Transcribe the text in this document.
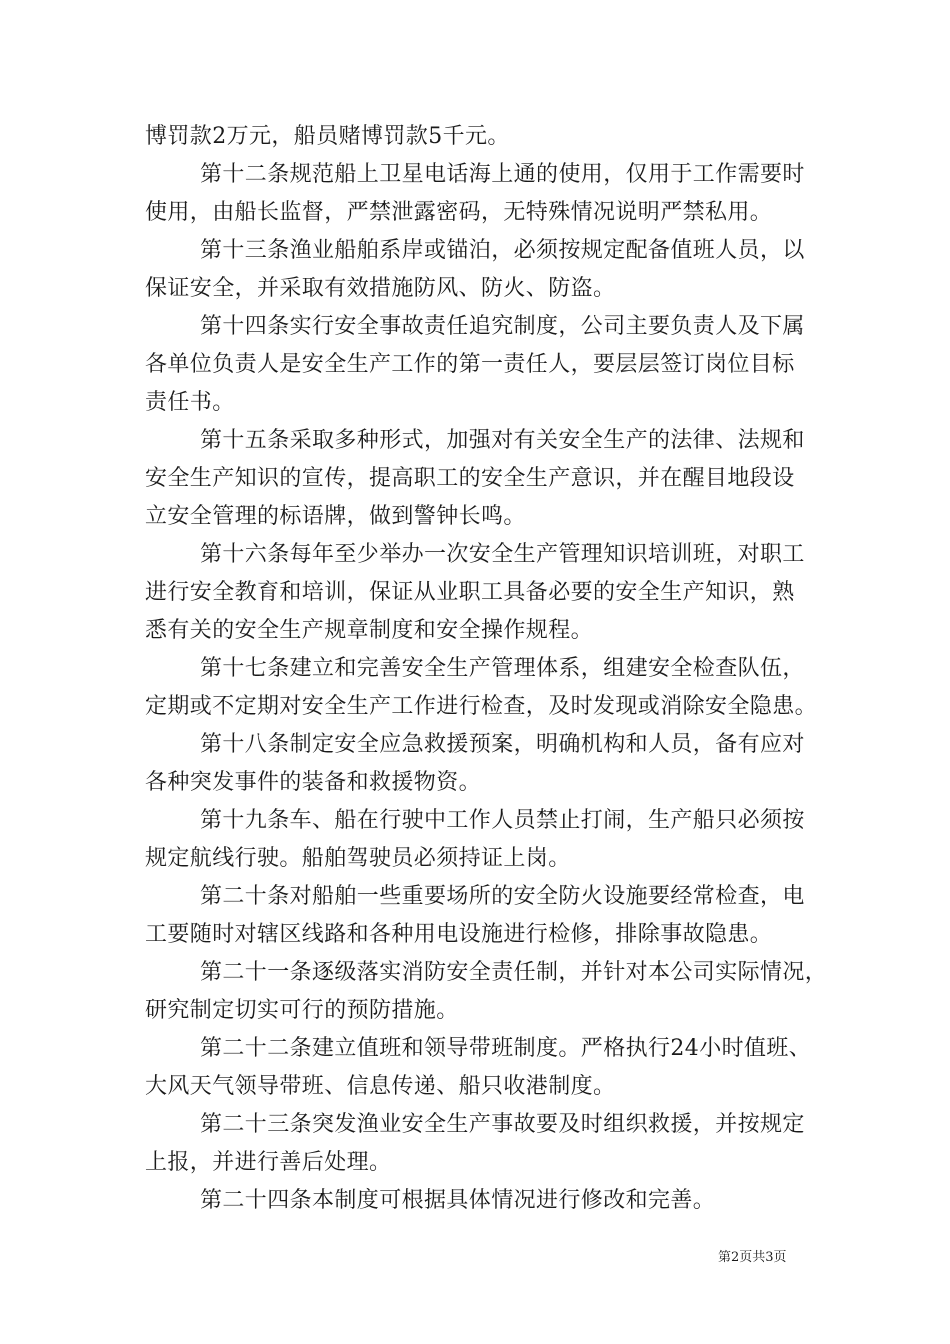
博罚款2万元，船员赌博罚款5千元。
第十二条规范船上卫星电话海上通的使用，仅用于工作需要时
使用，由船长监督，严禁泄露密码，无特殊情况说明严禁私用。
第十三条渔业船舶系岸或锚泊，必须按规定配备值班人员，以
保证安全，并采取有效措施防风、防火、防盗。
第十四条实行安全事故责任追究制度，公司主要负责人及下属
各单位负责人是安全生产工作的第一责任人，要层层签订岗位目标
责任书。
第十五条采取多种形式，加强对有关安全生产的法律、法规和
安全生产知识的宣传，提高职工的安全生产意识，并在醒目地段设
立安全管理的标语牌，做到警钟长鸣。
第十六条每年至少举办一次安全生产管理知识培训班，对职工
进行安全教育和培训，保证从业职工具备必要的安全生产知识，熟
悉有关的安全生产规章制度和安全操作规程。
第十七条建立和完善安全生产管理体系，组建安全检查队伍，
定期或不定期对安全生产工作进行检查，及时发现或消除安全隐患。
第十八条制定安全应急救援预案，明确机构和人员，备有应对
各种突发事件的装备和救援物资。
第十九条车、船在行驶中工作人员禁止打闹，生产船只必须按
规定航线行驶。船舶驾驶员必须持证上岗。
第二十条对船舶一些重要场所的安全防火设施要经常检查，电
工要随时对辖区线路和各种用电设施进行检修，排除事故隐患。
第二十一条逐级落实消防安全责任制，并针对本公司实际情况，
研究制定切实可行的预防措施。
第二十二条建立值班和领导带班制度。严格执行24小时值班、
大风天气领导带班、信息传递、船只收港制度。
第二十三条突发渔业安全生产事故要及时组织救援，并按规定
上报，并进行善后处理。
第二十四条本制度可根据具体情况进行修改和完善。
第2页共3页
